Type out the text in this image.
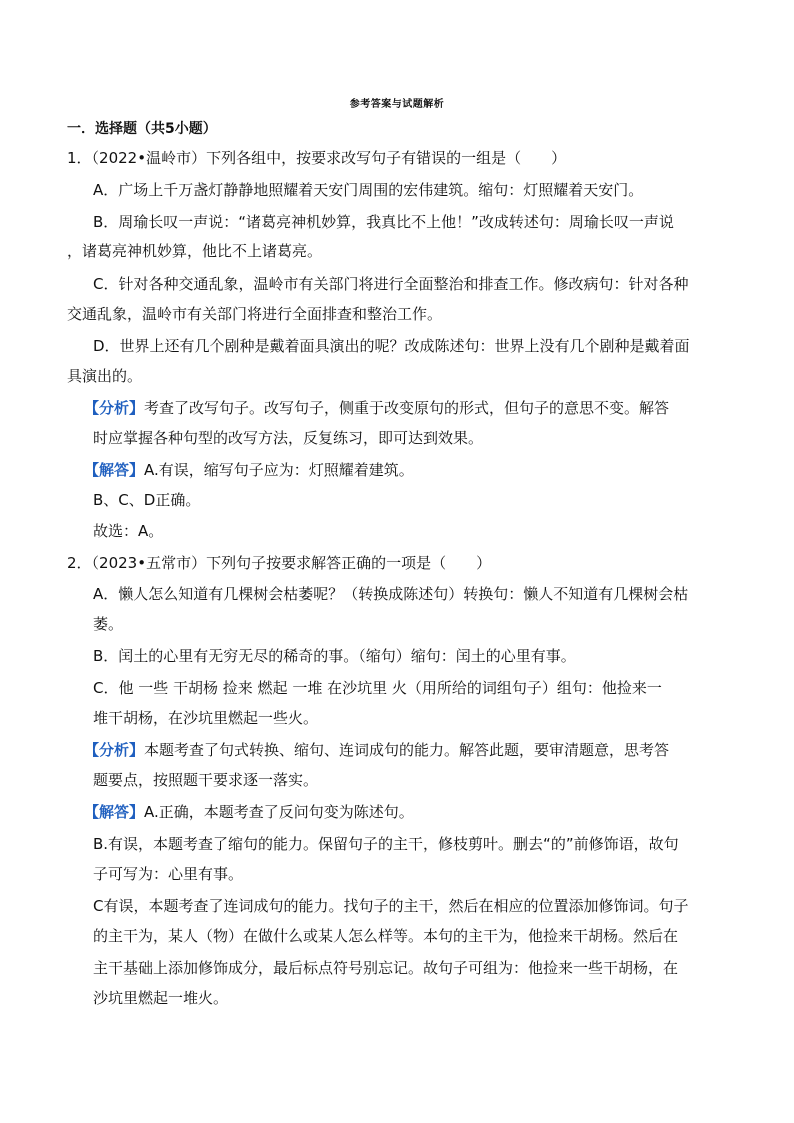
参考答案与试题解析
一．选择题（共5小题）
1．（2022•温岭市）下列各组中，按要求改写句子有错误的一组是（　　）
A．广场上千万盏灯静静地照耀着天安门周围的宏伟建筑。缩句：灯照耀着天安门。
B．周瑜长叹一声说：“诸葛亮神机妙算，我真比不上他！”改成转述句：周瑜长叹一声说
，诸葛亮神机妙算，他比不上诸葛亮。
C．针对各种交通乱象，温岭市有关部门将进行全面整治和排查工作。修改病句：针对各种
交通乱象，温岭市有关部门将进行全面排查和整治工作。
D．世界上还有几个剧种是戴着面具演出的呢？改成陈述句：世界上没有几个剧种是戴着面
具演出的。
【分析】考查了改写句子。改写句子，侧重于改变原句的形式，但句子的意思不变。解答
时应掌握各种句型的改写方法，反复练习，即可达到效果。
【解答】A.有误，缩写句子应为：灯照耀着建筑。
B、C、D正确。
故选：A。
2．（2023•五常市）下列句子按要求解答正确的一项是（　　）
A．懒人怎么知道有几棵树会枯萎呢？（转换成陈述句）转换句：懒人不知道有几棵树会枯
萎。
B．闰土的心里有无穷无尽的稀奇的事。（缩句）缩句：闰土的心里有事。
C．他 一些 干胡杨 捡来 燃起 一堆 在沙坑里 火（用所给的词组句子）组句：他捡来一
堆干胡杨，在沙坑里燃起一些火。
【分析】本题考查了句式转换、缩句、连词成句的能力。解答此题，要审清题意，思考答
题要点，按照题干要求逐一落实。
【解答】A.正确，本题考查了反问句变为陈述句。
B.有误，本题考查了缩句的能力。保留句子的主干，修枝剪叶。删去“的”前修饰语，故句
子可写为：心里有事。
C有误，本题考查了连词成句的能力。找句子的主干，然后在相应的位置添加修饰词。句子
的主干为，某人（物）在做什么或某人怎么样等。本句的主干为，他捡来干胡杨。然后在
主干基础上添加修饰成分，最后标点符号别忘记。故句子可组为：他捡来一些干胡杨，在
沙坑里燃起一堆火。
